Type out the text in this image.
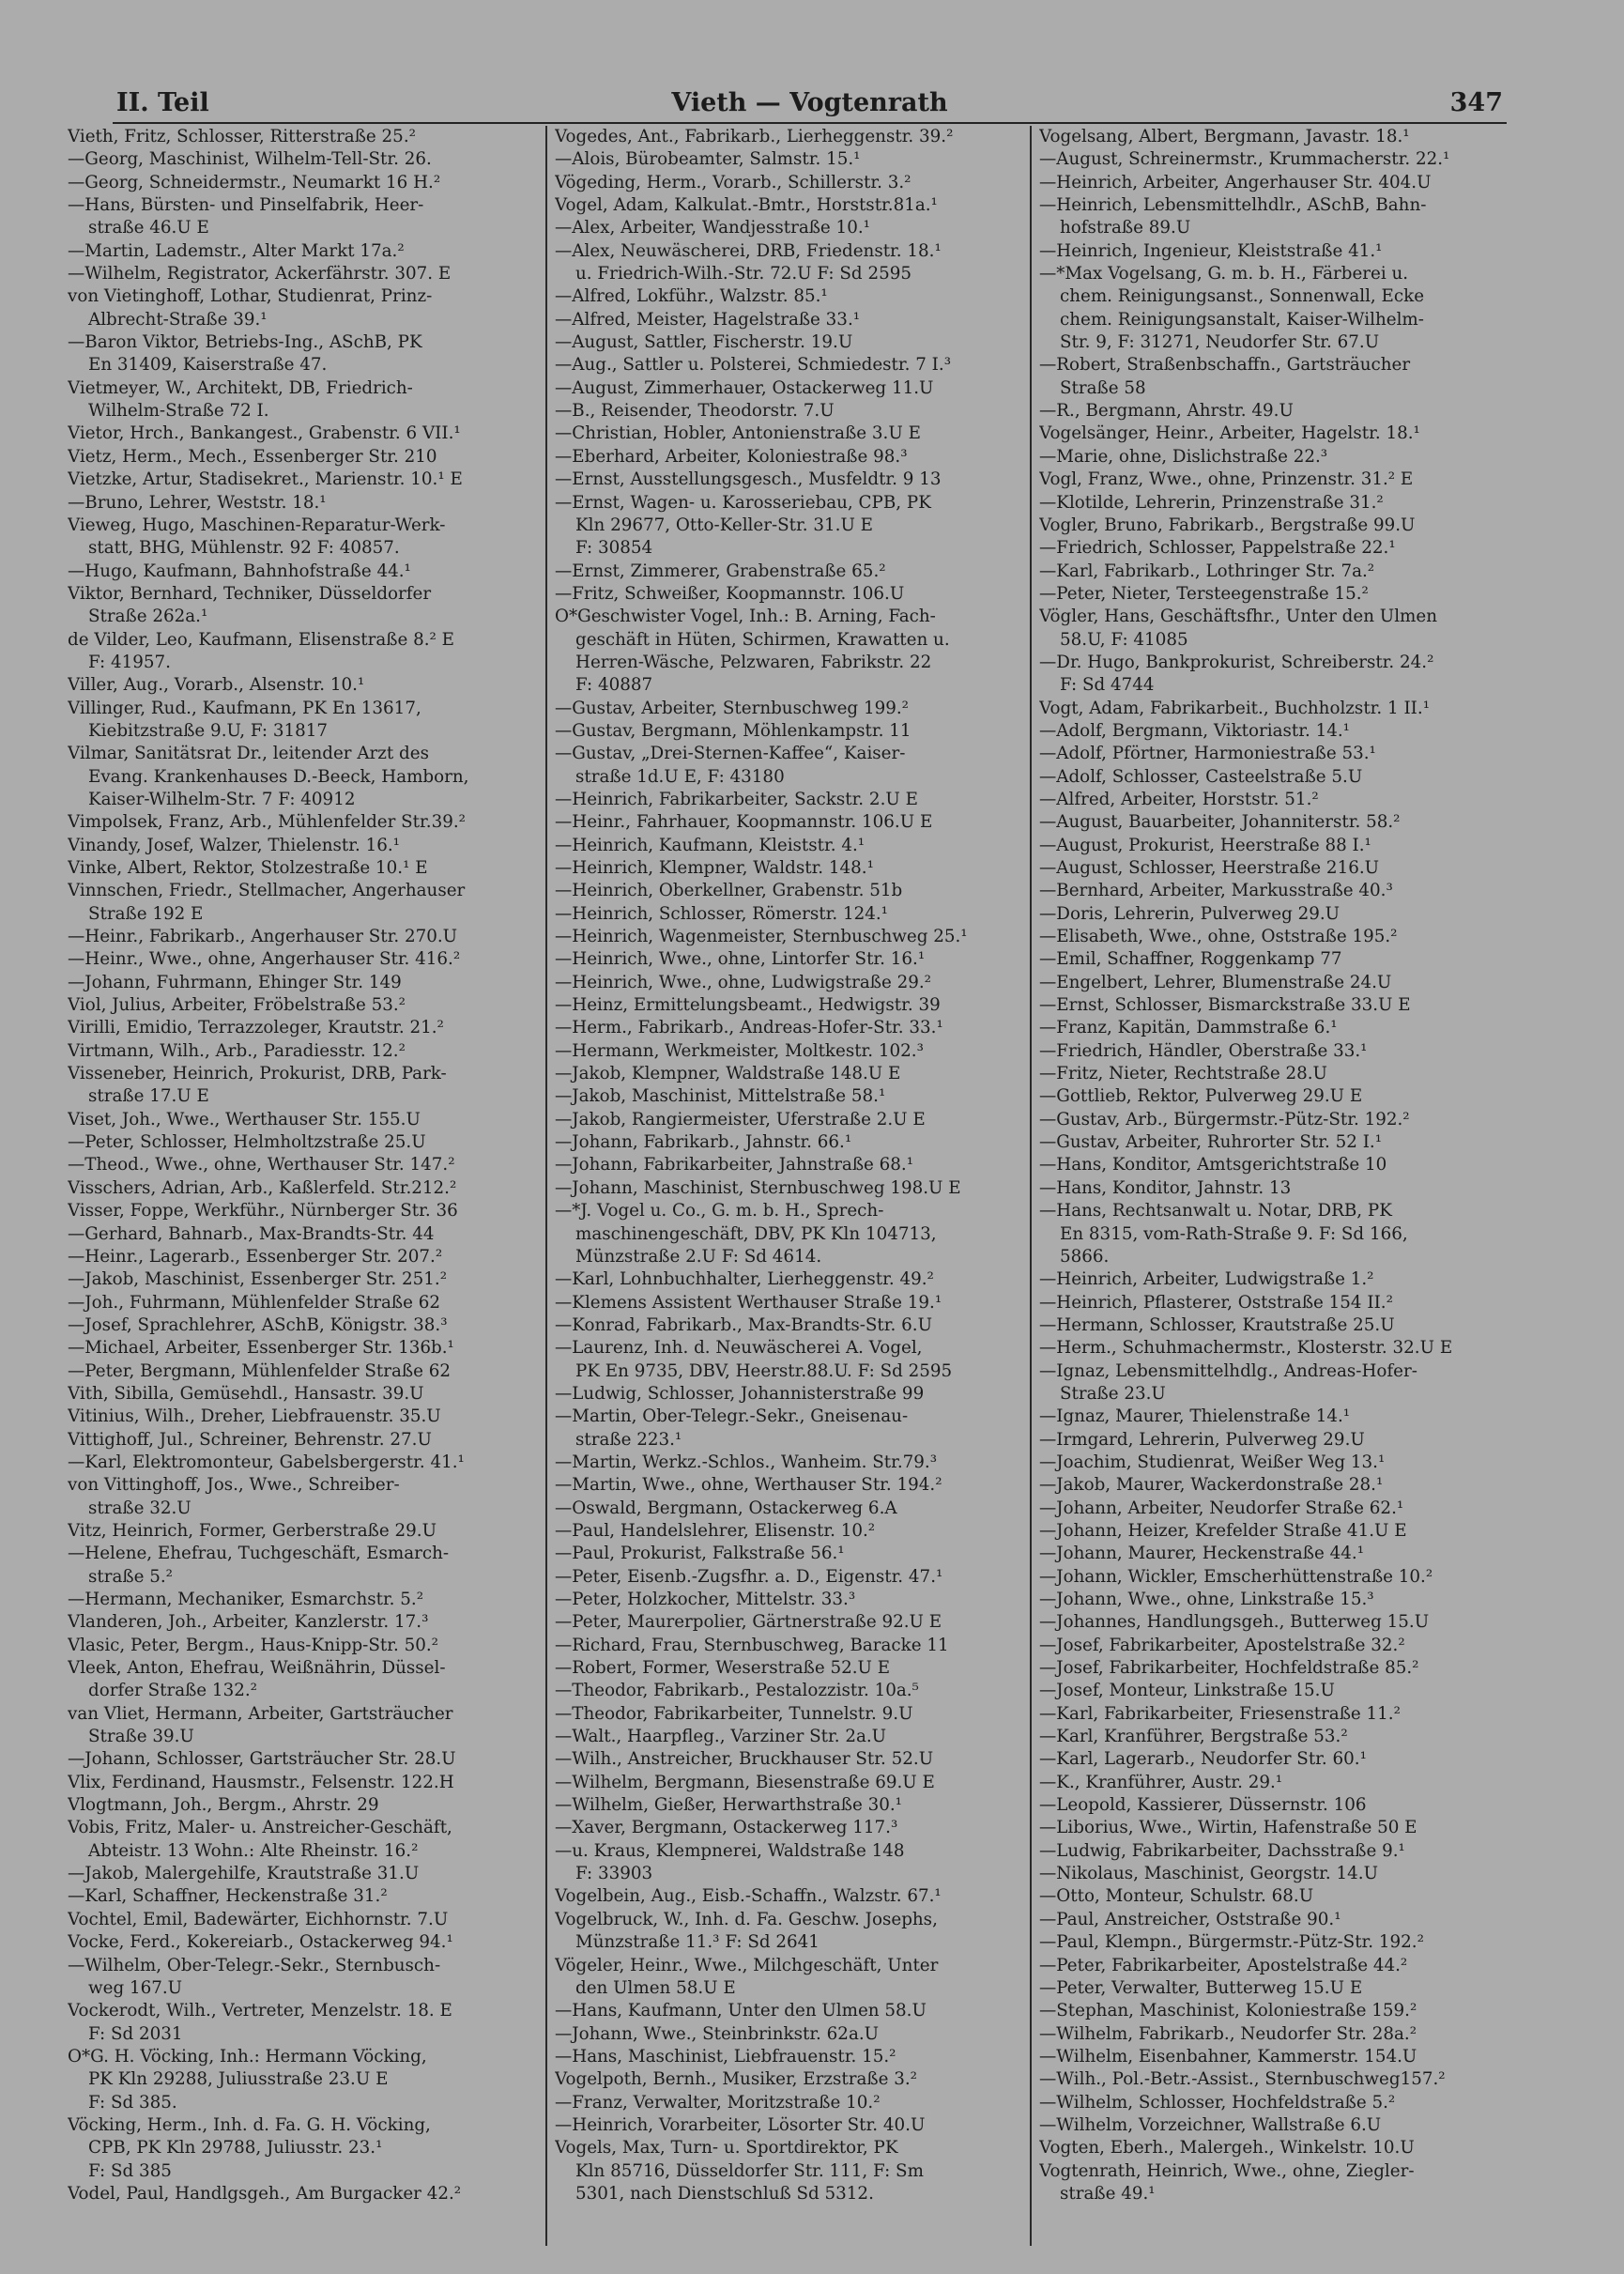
II. Teil	Vieth — Vogtenrath	347
Vieth, Fritz, Schlosser, Ritterstraße 25.²
—Georg, Maschinist, Wilhelm-Tell-Str. 26.
—Georg, Schneidermstr., Neumarkt 16 H.²
—Hans, Bürsten- und Pinselfabrik, Heer-
straße 46.U E
—Martin, Lademstr., Alter Markt 17a.²
—Wilhelm, Registrator, Ackerfährstr. 307. E
von Vietinghoff, Lothar, Studienrat, Prinz-
Albrecht-Straße 39.¹
—Baron Viktor, Betriebs-Ing., ASchB, PK
En 31409, Kaiserstraße 47.
Vietmeyer, W., Architekt, DB, Friedrich-
Wilhelm-Straße 72 I.
Vietor, Hrch., Bankangest., Grabenstr. 6 VII.¹
Vietz, Herm., Mech., Essenberger Str. 210
Vietzke, Artur, Stadisekret., Marienstr. 10.¹ E
—Bruno, Lehrer, Weststr. 18.¹
Vieweg, Hugo, Maschinen-Reparatur-Werk-
statt, BHG, Mühlenstr. 92 F: 40857.
—Hugo, Kaufmann, Bahnhofstraße 44.¹
Viktor, Bernhard, Techniker, Düsseldorfer
Straße 262a.¹
de Vilder, Leo, Kaufmann, Elisenstraße 8.² E
F: 41957.
Viller, Aug., Vorarb., Alsenstr. 10.¹
Villinger, Rud., Kaufmann, PK En 13617,
Kiebitzstraße 9.U, F: 31817
Vilmar, Sanitätsrat Dr., leitender Arzt des
Evang. Krankenhauses D.-Beeck, Hamborn,
Kaiser-Wilhelm-Str. 7 F: 40912
Vimpolsek, Franz, Arb., Mühlenfelder Str.39.²
Vinandy, Josef, Walzer, Thielenstr. 16.¹
Vinke, Albert, Rektor, Stolzestraße 10.¹ E
Vinnschen, Friedr., Stellmacher, Angerhauser
Straße 192 E
—Heinr., Fabrikarb., Angerhauser Str. 270.U
—Heinr., Wwe., ohne, Angerhauser Str. 416.²
—Johann, Fuhrmann, Ehinger Str. 149
Viol, Julius, Arbeiter, Fröbelstraße 53.²
Virilli, Emidio, Terrazzoleger, Krautstr. 21.²
Virtmann, Wilh., Arb., Paradiesstr. 12.²
Visseneber, Heinrich, Prokurist, DRB, Park-
straße 17.U E
Viset, Joh., Wwe., Werthauser Str. 155.U
—Peter, Schlosser, Helmholtzstraße 25.U
—Theod., Wwe., ohne, Werthauser Str. 147.²
Visschers, Adrian, Arb., Kaßlerfeld. Str.212.²
Visser, Foppe, Werkführ., Nürnberger Str. 36
—Gerhard, Bahnarb., Max-Brandts-Str. 44
—Heinr., Lagerarb., Essenberger Str. 207.²
—Jakob, Maschinist, Essenberger Str. 251.²
—Joh., Fuhrmann, Mühlenfelder Straße 62
—Josef, Sprachlehrer, ASchB, Königstr. 38.³
—Michael, Arbeiter, Essenberger Str. 136b.¹
—Peter, Bergmann, Mühlenfelder Straße 62
Vith, Sibilla, Gemüsehdl., Hansastr. 39.U
Vitinius, Wilh., Dreher, Liebfrauenstr. 35.U
Vittighoff, Jul., Schreiner, Behrenstr. 27.U
—Karl, Elektromonteur, Gabelsbergerstr. 41.¹
von Vittinghoff, Jos., Wwe., Schreiber-
straße 32.U
Vitz, Heinrich, Former, Gerberstraße 29.U
—Helene, Ehefrau, Tuchgeschäft, Esmarch-
straße 5.²
—Hermann, Mechaniker, Esmarchstr. 5.²
Vlanderen, Joh., Arbeiter, Kanzlerstr. 17.³
Vlasic, Peter, Bergm., Haus-Knipp-Str. 50.²
Vleek, Anton, Ehefrau, Weißnährin, Düssel-
dorfer Straße 132.²
van Vliet, Hermann, Arbeiter, Gartsträucher
Straße 39.U
—Johann, Schlosser, Gartsträucher Str. 28.U
Vlix, Ferdinand, Hausmstr., Felsenstr. 122.H
Vlogtmann, Joh., Bergm., Ahrstr. 29
Vobis, Fritz, Maler- u. Anstreicher-Geschäft,
Abteistr. 13 Wohn.: Alte Rheinstr. 16.²
—Jakob, Malergehilfe, Krautstraße 31.U
—Karl, Schaffner, Heckenstraße 31.²
Vochtel, Emil, Badewärter, Eichhornstr. 7.U
Vocke, Ferd., Kokereiarb., Ostackerweg 94.¹
—Wilhelm, Ober-Telegr.-Sekr., Sternbusch-
weg 167.U
Vockerodt, Wilh., Vertreter, Menzelstr. 18. E
F: Sd 2031
O*G. H. Vöcking, Inh.: Hermann Vöcking,
PK Kln 29288, Juliusstraße 23.U E
F: Sd 385.
Vöcking, Herm., Inh. d. Fa. G. H. Vöcking,
CPB, PK Kln 29788, Juliusstr. 23.¹
F: Sd 385
Vodel, Paul, Handlgsgeh., Am Burgacker 42.²
Vogedes, Ant., Fabrikarb., Lierheggenstr. 39.²
—Alois, Bürobeamter, Salmstr. 15.¹
Vögeding, Herm., Vorarb., Schillerstr. 3.²
Vogel, Adam, Kalkulat.-Bmtr., Horststr.81a.¹
—Alex, Arbeiter, Wandjesstraße 10.¹
—Alex, Neuwäscherei, DRB, Friedenstr. 18.¹
u. Friedrich-Wilh.-Str. 72.U F: Sd 2595
—Alfred, Lokführ., Walzstr. 85.¹
—Alfred, Meister, Hagelstraße 33.¹
—August, Sattler, Fischerstr. 19.U
—Aug., Sattler u. Polsterei, Schmiedestr. 7 I.³
—August, Zimmerhauer, Ostackerweg 11.U
—B., Reisender, Theodorstr. 7.U
—Christian, Hobler, Antonienstraße 3.U E
—Eberhard, Arbeiter, Koloniestraße 98.³
—Ernst, Ausstellungsgesch., Musfeldtr. 9 13
—Ernst, Wagen- u. Karosseriebau, CPB, PK
Kln 29677, Otto-Keller-Str. 31.U E
F: 30854
—Ernst, Zimmerer, Grabenstraße 65.²
—Fritz, Schweißer, Koopmannstr. 106.U
O*Geschwister Vogel, Inh.: B. Arning, Fach-
geschäft in Hüten, Schirmen, Krawatten u.
Herren-Wäsche, Pelzwaren, Fabrikstr. 22
F: 40887
—Gustav, Arbeiter, Sternbuschweg 199.²
—Gustav, Bergmann, Möhlenkampstr. 11
—Gustav, „Drei-Sternen-Kaffee“, Kaiser-
straße 1d.U E, F: 43180
—Heinrich, Fabrikarbeiter, Sackstr. 2.U E
—Heinr., Fahrhauer, Koopmannstr. 106.U E
—Heinrich, Kaufmann, Kleiststr. 4.¹
—Heinrich, Klempner, Waldstr. 148.¹
—Heinrich, Oberkellner, Grabenstr. 51b
—Heinrich, Schlosser, Römerstr. 124.¹
—Heinrich, Wagenmeister, Sternbuschweg 25.¹
—Heinrich, Wwe., ohne, Lintorfer Str. 16.¹
—Heinrich, Wwe., ohne, Ludwigstraße 29.²
—Heinz, Ermittelungsbeamt., Hedwigstr. 39
—Herm., Fabrikarb., Andreas-Hofer-Str. 33.¹
—Hermann, Werkmeister, Moltkestr. 102.³
—Jakob, Klempner, Waldstraße 148.U E
—Jakob, Maschinist, Mittelstraße 58.¹
—Jakob, Rangiermeister, Uferstraße 2.U E
—Johann, Fabrikarb., Jahnstr. 66.¹
—Johann, Fabrikarbeiter, Jahnstraße 68.¹
—Johann, Maschinist, Sternbuschweg 198.U E
—*J. Vogel u. Co., G. m. b. H., Sprech-
maschinengeschäft, DBV, PK Kln 104713,
Münzstraße 2.U F: Sd 4614.
—Karl, Lohnbuchhalter, Lierheggenstr. 49.²
—Klemens Assistent Werthauser Straße 19.¹
—Konrad, Fabrikarb., Max-Brandts-Str. 6.U
—Laurenz, Inh. d. Neuwäscherei A. Vogel,
PK En 9735, DBV, Heerstr.88.U. F: Sd 2595
—Ludwig, Schlosser, Johannisterstraße 99
—Martin, Ober-Telegr.-Sekr., Gneisenau-
straße 223.¹
—Martin, Werkz.-Schlos., Wanheim. Str.79.³
—Martin, Wwe., ohne, Werthauser Str. 194.²
—Oswald, Bergmann, Ostackerweg 6.A
—Paul, Handelslehrer, Elisenstr. 10.²
—Paul, Prokurist, Falkstraße 56.¹
—Peter, Eisenb.-Zugsfhr. a. D., Eigenstr. 47.¹
—Peter, Holzkocher, Mittelstr. 33.³
—Peter, Maurerpolier, Gärtnerstraße 92.U E
—Richard, Frau, Sternbuschweg, Baracke 11
—Robert, Former, Weserstraße 52.U E
—Theodor, Fabrikarb., Pestalozzistr. 10a.⁵
—Theodor, Fabrikarbeiter, Tunnelstr. 9.U
—Walt., Haarpfleg., Varziner Str. 2a.U
—Wilh., Anstreicher, Bruckhauser Str. 52.U
—Wilhelm, Bergmann, Biesenstraße 69.U E
—Wilhelm, Gießer, Herwarthstraße 30.¹
—Xaver, Bergmann, Ostackerweg 117.³
—u. Kraus, Klempnerei, Waldstraße 148
F: 33903
Vogelbein, Aug., Eisb.-Schaffn., Walzstr. 67.¹
Vogelbruck, W., Inh. d. Fa. Geschw. Josephs,
Münzstraße 11.³ F: Sd 2641
Vögeler, Heinr., Wwe., Milchgeschäft, Unter
den Ulmen 58.U E
—Hans, Kaufmann, Unter den Ulmen 58.U
—Johann, Wwe., Steinbrinkstr. 62a.U
—Hans, Maschinist, Liebfrauenstr. 15.²
Vogelpoth, Bernh., Musiker, Erzstraße 3.²
—Franz, Verwalter, Moritzstraße 10.²
—Heinrich, Vorarbeiter, Lösorter Str. 40.U
Vogels, Max, Turn- u. Sportdirektor, PK
Kln 85716, Düsseldorfer Str. 111, F: Sm
5301, nach Dienstschluß Sd 5312.
Vogelsang, Albert, Bergmann, Javastr. 18.¹
—August, Schreinermstr., Krummacherstr. 22.¹
—Heinrich, Arbeiter, Angerhauser Str. 404.U
—Heinrich, Lebensmittelhdlr., ASchB, Bahn-
hofstraße 89.U
—Heinrich, Ingenieur, Kleiststraße 41.¹
—*Max Vogelsang, G. m. b. H., Färberei u.
chem. Reinigungsanst., Sonnenwall, Ecke
chem. Reinigungsanstalt, Kaiser-Wilhelm-
Str. 9, F: 31271, Neudorfer Str. 67.U
—Robert, Straßenbschaffn., Gartsträucher
Straße 58
—R., Bergmann, Ahrstr. 49.U
Vogelsänger, Heinr., Arbeiter, Hagelstr. 18.¹
—Marie, ohne, Dislichstraße 22.³
Vogl, Franz, Wwe., ohne, Prinzenstr. 31.² E
—Klotilde, Lehrerin, Prinzenstraße 31.²
Vogler, Bruno, Fabrikarb., Bergstraße 99.U
—Friedrich, Schlosser, Pappelstraße 22.¹
—Karl, Fabrikarb., Lothringer Str. 7a.²
—Peter, Nieter, Tersteegenstraße 15.²
Vögler, Hans, Geschäftsfhr., Unter den Ulmen
58.U, F: 41085
—Dr. Hugo, Bankprokurist, Schreiberstr. 24.²
F: Sd 4744
Vogt, Adam, Fabrikarbeit., Buchholzstr. 1 II.¹
—Adolf, Bergmann, Viktoriastr. 14.¹
—Adolf, Pförtner, Harmoniestraße 53.¹
—Adolf, Schlosser, Casteelstraße 5.U
—Alfred, Arbeiter, Horststr. 51.²
—August, Bauarbeiter, Johanniterstr. 58.²
—August, Prokurist, Heerstraße 88 I.¹
—August, Schlosser, Heerstraße 216.U
—Bernhard, Arbeiter, Markusstraße 40.³
—Doris, Lehrerin, Pulverweg 29.U
—Elisabeth, Wwe., ohne, Oststraße 195.²
—Emil, Schaffner, Roggenkamp 77
—Engelbert, Lehrer, Blumenstraße 24.U
—Ernst, Schlosser, Bismarckstraße 33.U E
—Franz, Kapitän, Dammstraße 6.¹
—Friedrich, Händler, Oberstraße 33.¹
—Fritz, Nieter, Rechtstraße 28.U
—Gottlieb, Rektor, Pulverweg 29.U E
—Gustav, Arb., Bürgermstr.-Pütz-Str. 192.²
—Gustav, Arbeiter, Ruhrorter Str. 52 I.¹
—Hans, Konditor, Amtsgerichtstraße 10
—Hans, Konditor, Jahnstr. 13
—Hans, Rechtsanwalt u. Notar, DRB, PK
En 8315, vom-Rath-Straße 9. F: Sd 166,
5866.
—Heinrich, Arbeiter, Ludwigstraße 1.²
—Heinrich, Pflasterer, Oststraße 154 II.²
—Hermann, Schlosser, Krautstraße 25.U
—Herm., Schuhmachermstr., Klosterstr. 32.U E
—Ignaz, Lebensmittelhdlg., Andreas-Hofer-
Straße 23.U
—Ignaz, Maurer, Thielenstraße 14.¹
—Irmgard, Lehrerin, Pulverweg 29.U
—Joachim, Studienrat, Weißer Weg 13.¹
—Jakob, Maurer, Wackerdonstraße 28.¹
—Johann, Arbeiter, Neudorfer Straße 62.¹
—Johann, Heizer, Krefelder Straße 41.U E
—Johann, Maurer, Heckenstraße 44.¹
—Johann, Wickler, Emscherhüttenstraße 10.²
—Johann, Wwe., ohne, Linkstraße 15.³
—Johannes, Handlungsgeh., Butterweg 15.U
—Josef, Fabrikarbeiter, Apostelstraße 32.²
—Josef, Fabrikarbeiter, Hochfeldstraße 85.²
—Josef, Monteur, Linkstraße 15.U
—Karl, Fabrikarbeiter, Friesenstraße 11.²
—Karl, Kranführer, Bergstraße 53.²
—Karl, Lagerarb., Neudorfer Str. 60.¹
—K., Kranführer, Austr. 29.¹
—Leopold, Kassierer, Düssernstr. 106
—Liborius, Wwe., Wirtin, Hafenstraße 50 E
—Ludwig, Fabrikarbeiter, Dachsstraße 9.¹
—Nikolaus, Maschinist, Georgstr. 14.U
—Otto, Monteur, Schulstr. 68.U
—Paul, Anstreicher, Oststraße 90.¹
—Paul, Klempn., Bürgermstr.-Pütz-Str. 192.²
—Peter, Fabrikarbeiter, Apostelstraße 44.²
—Peter, Verwalter, Butterweg 15.U E
—Stephan, Maschinist, Koloniestraße 159.²
—Wilhelm, Fabrikarb., Neudorfer Str. 28a.²
—Wilhelm, Eisenbahner, Kammerstr. 154.U
—Wilh., Pol.-Betr.-Assist., Sternbuschweg157.²
—Wilhelm, Schlosser, Hochfeldstraße 5.²
—Wilhelm, Vorzeichner, Wallstraße 6.U
Vogten, Eberh., Malergeh., Winkelstr. 10.U
Vogtenrath, Heinrich, Wwe., ohne, Ziegler-
straße 49.¹
